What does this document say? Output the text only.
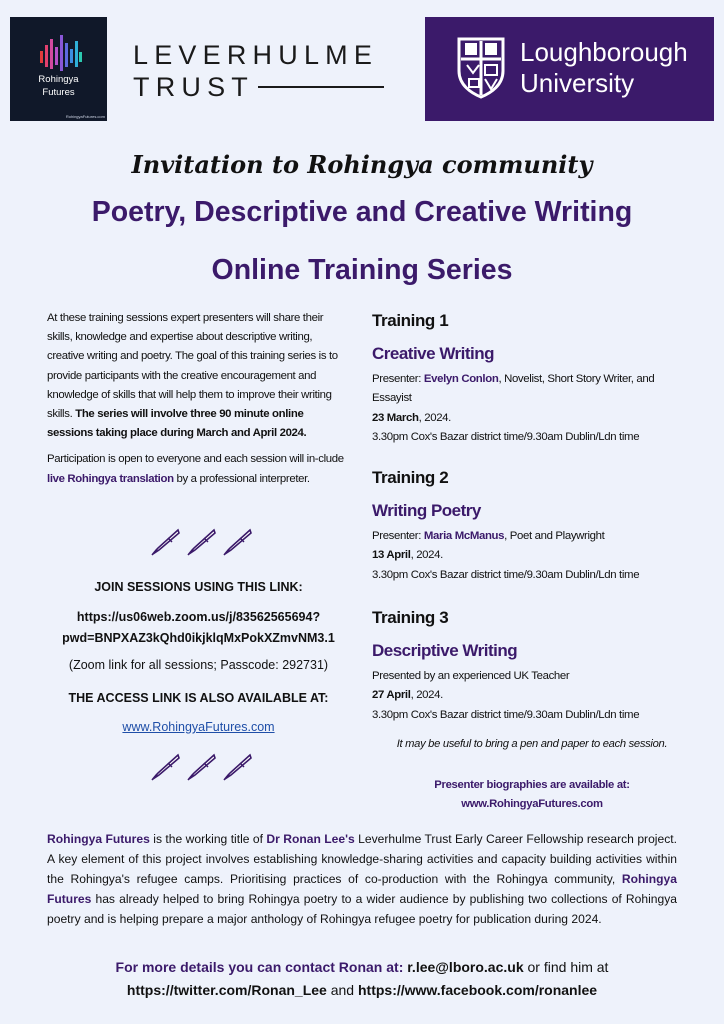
Rohingya
Futures
RohingyaFutures.com
LEVERHULME
TRUST
Loughborough
University
Invitation to Rohingya community
Poetry, Descriptive and Creative Writing
Online Training Series

At these training sessions expert presenters will share their skills, knowledge and expertise about descriptive writing, creative writing and poetry. The goal of this training series is to provide participants with the creative encouragement and knowledge of skills that will help them to improve their writing skills. The series will involve three 90 minute online sessions taking place during March and April 2024.

Participation is open to everyone and each session will in-clude live Rohingya translation by a professional interpreter.

JOIN SESSIONS USING THIS LINK:
https://us06web.zoom.us/j/83562565694?
pwd=BNPXAZ3kQhd0ikjklqMxPokXZmvNM3.1
(Zoom link for all sessions; Passcode: 292731)
THE ACCESS LINK IS ALSO AVAILABLE AT:
www.RohingyaFutures.com
Training 1
Creative Writing
Presenter: Evelyn Conlon, Novelist, Short Story Writer, and Essayist
23 March, 2024.
3.30pm Cox's Bazar district time/9.30am Dublin/Ldn time
Training 2
Writing Poetry
Presenter: Maria McManus, Poet and Playwright
13 April, 2024.
3.30pm Cox's Bazar district time/9.30am Dublin/Ldn time
Training 3
Descriptive Writing
Presented by an experienced UK Teacher
27 April, 2024.
3.30pm Cox's Bazar district time/9.30am Dublin/Ldn time
It may be useful to bring a pen and paper to each session.
Presenter biographies are available at:
www.RohingyaFutures.com
Rohingya Futures is the working title of Dr Ronan Lee's Leverhulme Trust Early Career Fellowship research project. A key element of this project involves establishing knowledge-sharing activities and capacity building activities within the Rohingya's refugee camps. Prioritising practices of co-production with the Rohingya community, Rohingya Futures has already helped to bring Rohingya poetry to a wider audience by publishing two collections of Rohingya poetry and is helping prepare a major anthology of Rohingya refugee poetry for publication during 2024.
For more details you can contact Ronan at: r.lee@lboro.ac.uk or find him at
https://twitter.com/Ronan_Lee and https://www.facebook.com/ronanlee
